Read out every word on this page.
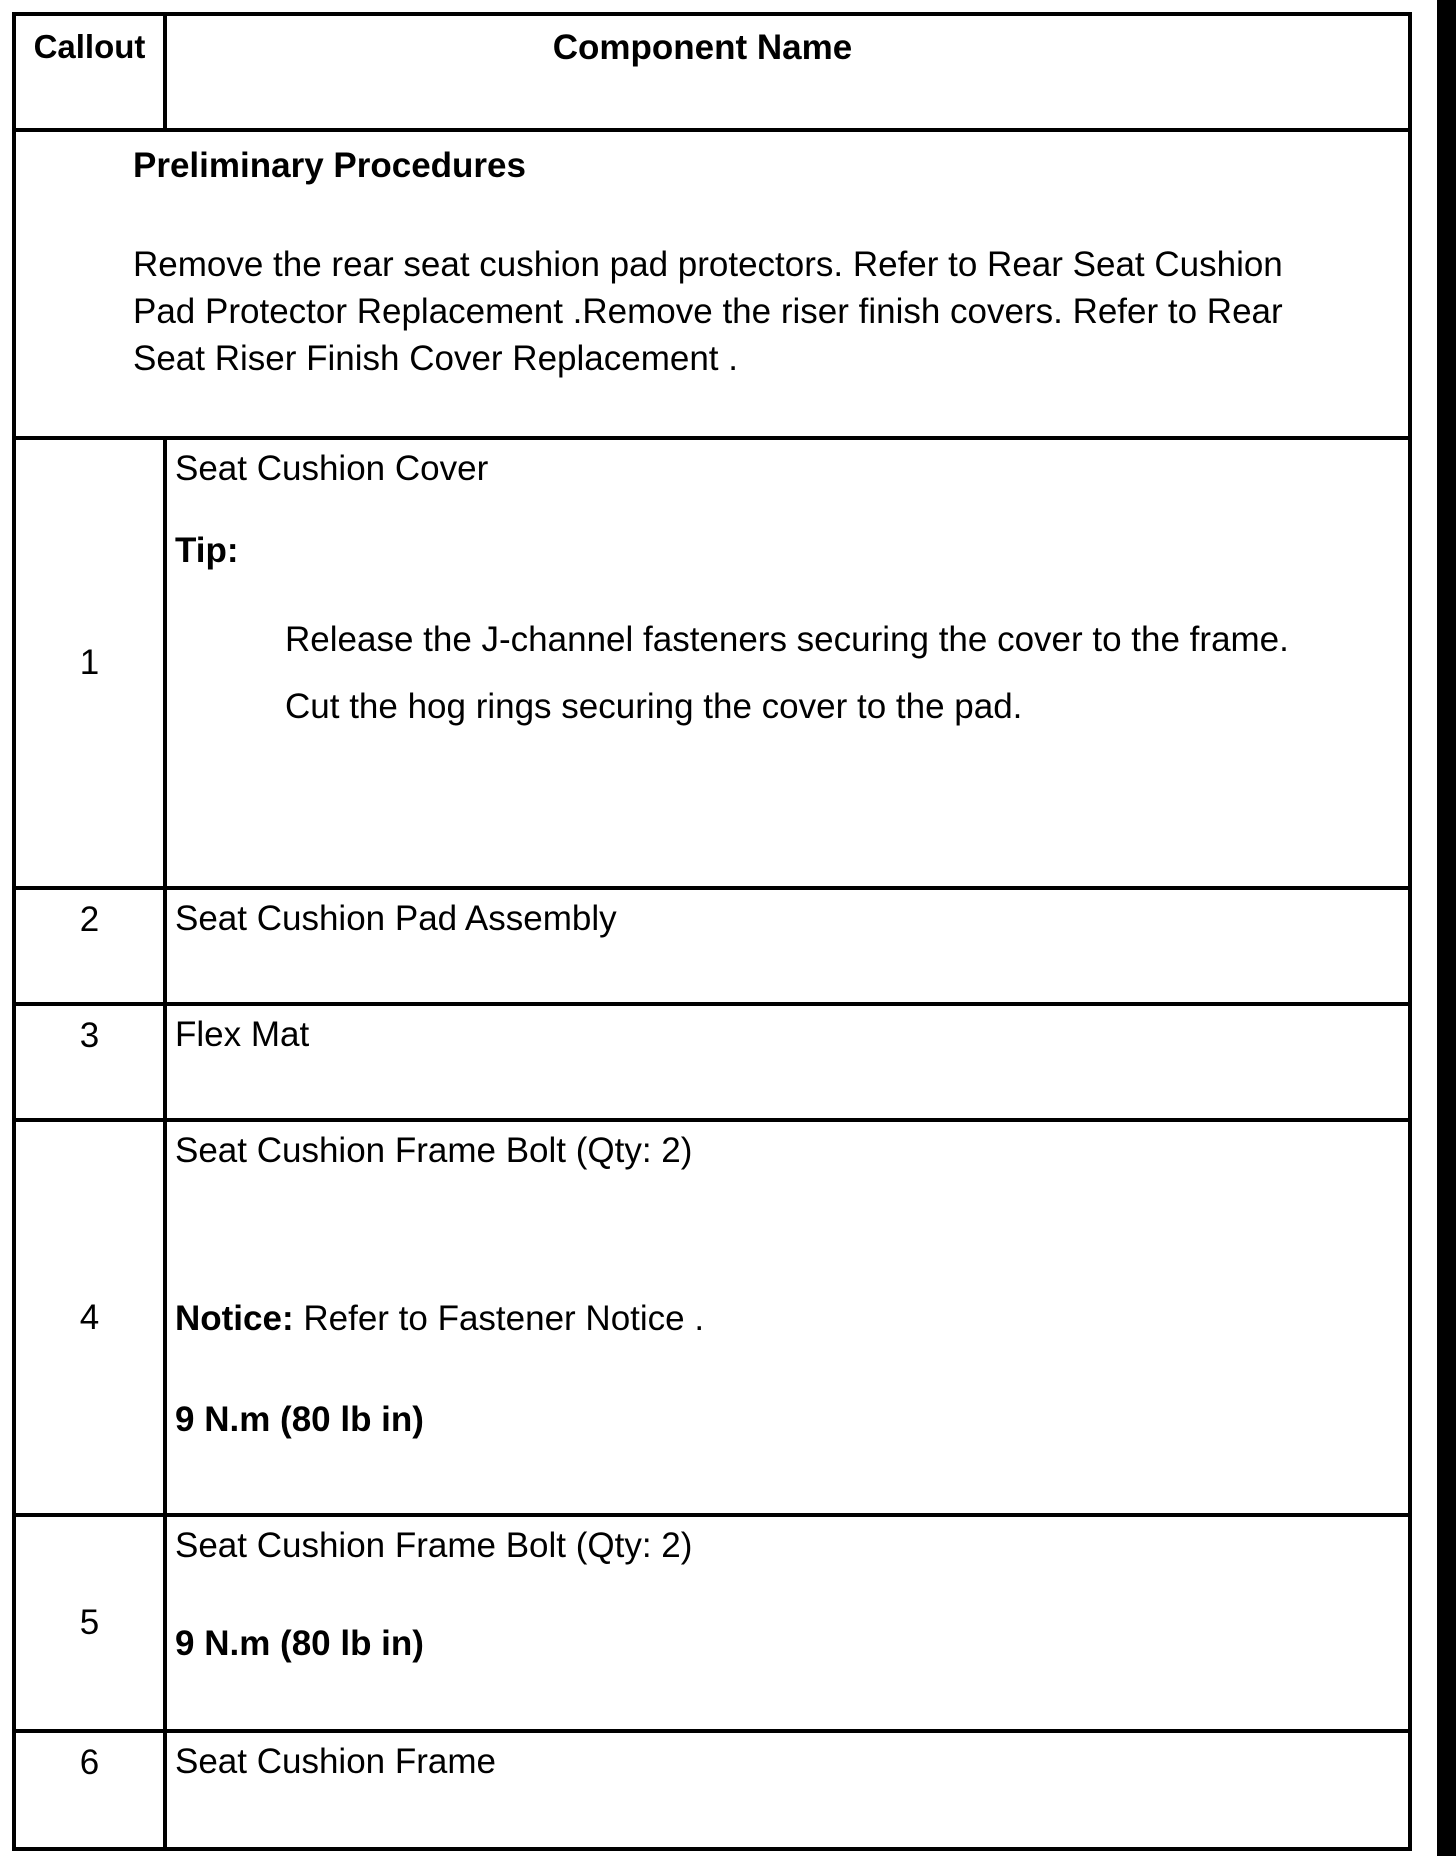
Callout	Component Name

Preliminary Procedures

Remove the rear seat cushion pad protectors. Refer to Rear Seat Cushion Pad Protector Replacement .Remove the riser finish covers. Refer to Rear Seat Riser Finish Cover Replacement .	

1	Seat Cushion Cover

Tip:

Release the J-channel fasteners securing the cover to the frame.

Cut the hog rings securing the cover to the pad.

2	Seat Cushion Pad Assembly

3	Flex Mat

4	Seat Cushion Frame Bolt (Qty: 2)

Notice: Refer to Fastener Notice .

9 N.m (80 lb in)

5	Seat Cushion Frame Bolt (Qty: 2)

9 N.m (80 lb in)

6	Seat Cushion Frame
